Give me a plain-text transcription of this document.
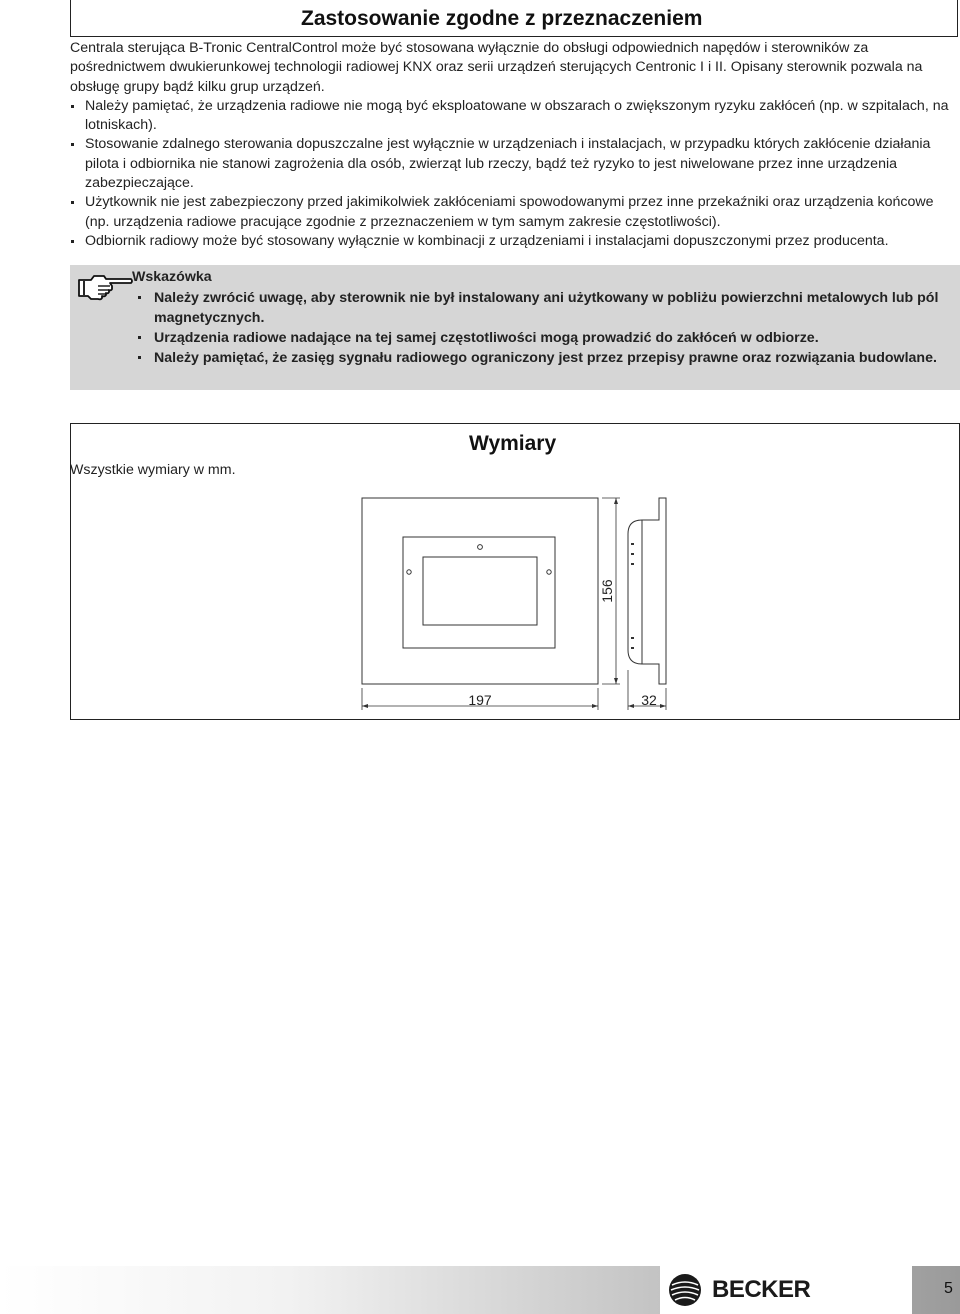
Zastosowanie zgodne z przeznaczeniem

Centrala sterująca B-Tronic CentralControl może być stosowana wyłącznie do obsługi odpowiednich napędów i sterowników za pośrednictwem dwukierunkowej technologii radiowej KNX oraz serii urządzeń sterujących Centronic I i II. Opisany sterownik pozwala na obsługę grupy bądź kilku grup urządzeń.

Należy pamiętać, że urządzenia radiowe nie mogą być eksploatowane w obszarach o zwiększonym ryzyku zakłóceń (np. w szpitalach, na lotniskach).
Stosowanie zdalnego sterowania dopuszczalne jest wyłącznie w urządzeniach i instalacjach, w przypadku których zakłócenie działania pilota i odbiornika nie stanowi zagrożenia dla osób, zwierząt lub rzeczy, bądź też ryzyko to jest niwelowane przez inne urządzenia zabezpieczające.
Użytkownik nie jest zabezpieczony przed jakimikolwiek zakłóceniami spowodowanymi przez inne przekaźniki oraz urządzenia końcowe (np. urządzenia radiowe pracujące zgodnie z przeznaczeniem w tym samym zakresie częstotliwości).
Odbiornik radiowy może być stosowany wyłącznie w kombinacji z urządzeniami i instalacjami dopuszczonymi przez producenta.
Wskazówka
Należy zwrócić uwagę, aby sterownik nie był instalowany ani użytkowany w pobliżu powierzchni metalowych lub pól magnetycznych.
Urządzenia radiowe nadające na tej samej częstotliwości mogą prowadzić do zakłóceń w odbiorze.
Należy pamiętać, że zasięg sygnału radiowego ograniczony jest przez przepisy prawne oraz rozwiązania budowlane.
Wymiary
Wszystkie wymiary w mm.
197	32
156
BECKER	5
